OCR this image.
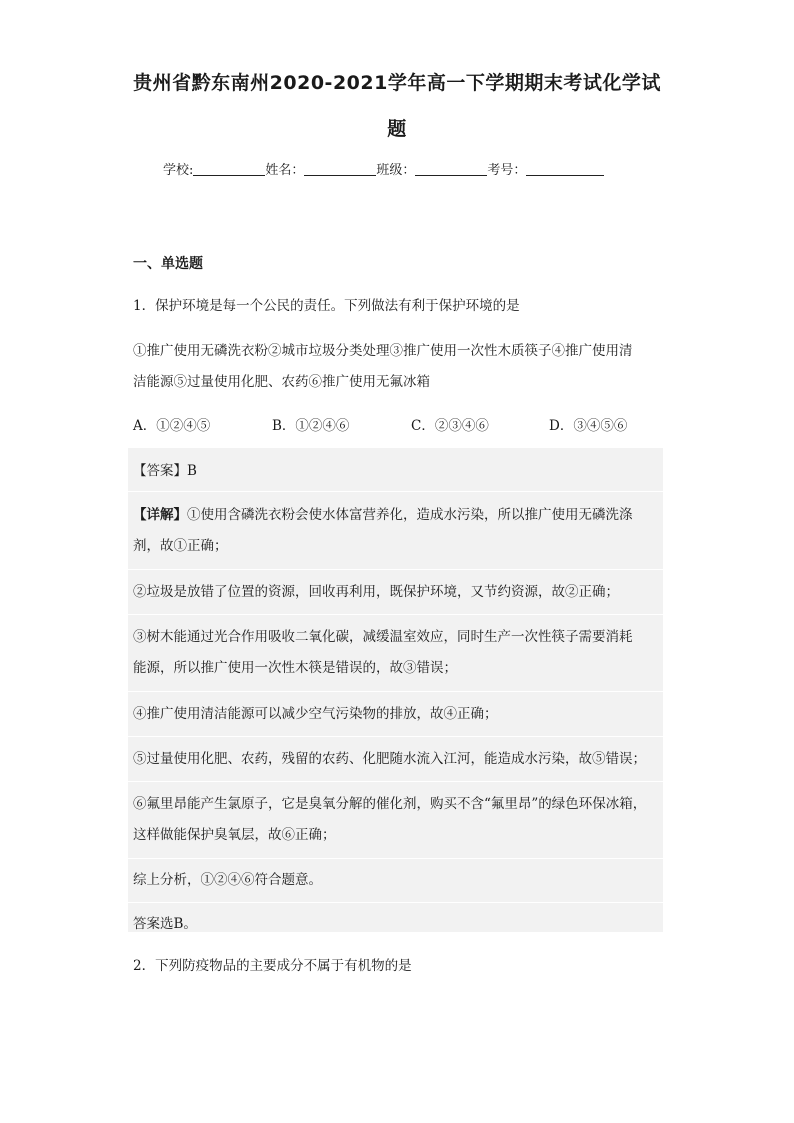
贵州省黔东南州2020-2021学年高一下学期期末考试化学试
题
学校:	姓名：	班级：	考号：
一、单选题
1．保护环境是每一个公民的责任。下列做法有利于保护环境的是
①推广使用无磷洗衣粉②城市垃圾分类处理③推广使用一次性木质筷子④推广使用清
洁能源⑤过量使用化肥、农药⑥推广使用无氟冰箱
A．①②④⑤	B．①②④⑥	C．②③④⑥	D．③④⑤⑥
【答案】B
【详解】①使用含磷洗衣粉会使水体富营养化，造成水污染，所以推广使用无磷洗涤
剂，故①正确；
②垃圾是放错了位置的资源，回收再利用，既保护环境，又节约资源，故②正确；
③树木能通过光合作用吸收二氧化碳，减缓温室效应，同时生产一次性筷子需要消耗
能源，所以推广使用一次性木筷是错误的，故③错误；
④推广使用清洁能源可以减少空气污染物的排放，故④正确；
⑤过量使用化肥、农药，残留的农药、化肥随水流入江河，能造成水污染，故⑤错误；
⑥氟里昂能产生氯原子，它是臭氧分解的催化剂，购买不含“氟里昂”的绿色环保冰箱，
这样做能保护臭氧层，故⑥正确；
综上分析，①②④⑥符合题意。
答案选B。
2．下列防疫物品的主要成分不属于有机物的是
